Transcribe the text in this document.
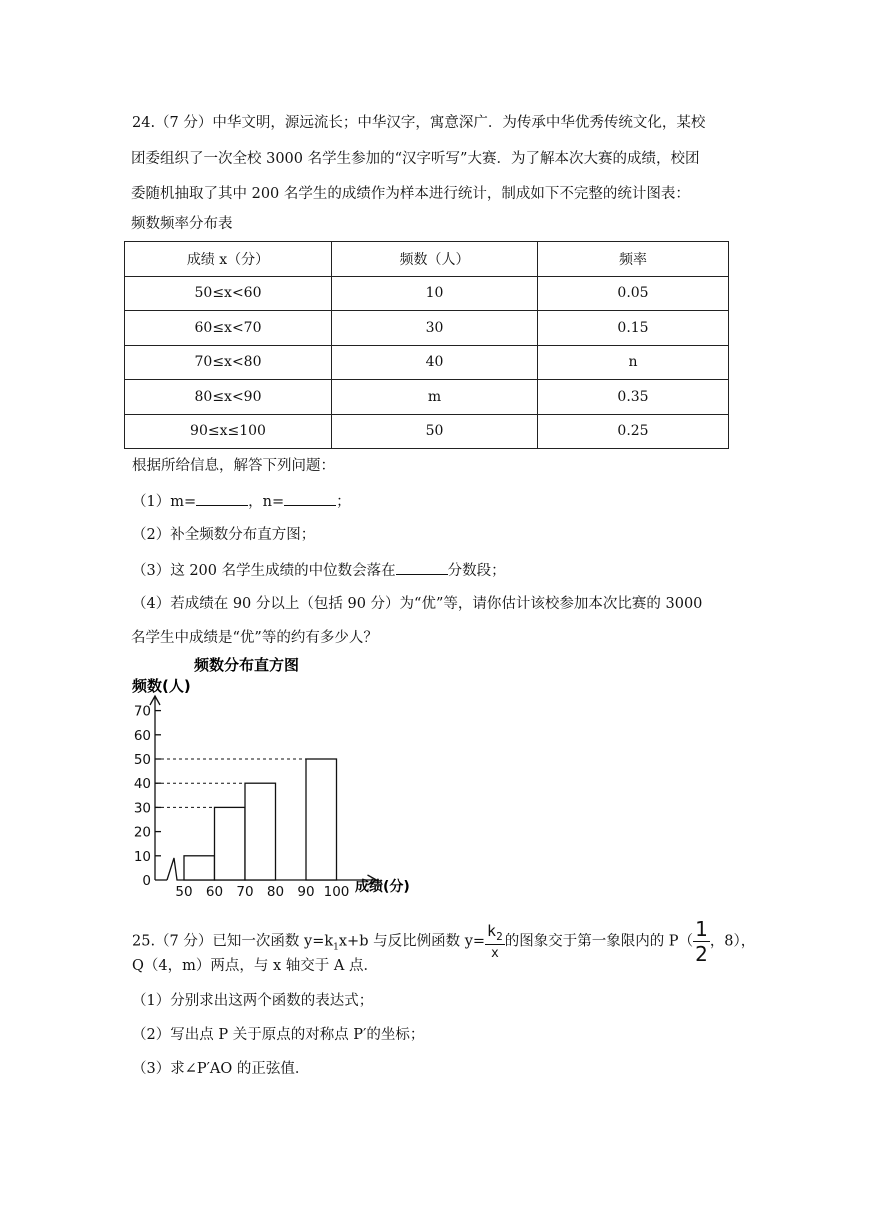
24.（7 分）中华文明，源远流长；中华汉字，寓意深广．为传承中华优秀传统文化，某校
团委组织了一次全校 3000 名学生参加的“汉字听写”大赛．为了解本次大赛的成绩，校团
委随机抽取了其中 200 名学生的成绩作为样本进行统计，制成如下不完整的统计图表：
频数频率分布表
成绩 x（分）	频数（人）	频率
50≤x<60	10	0.05
60≤x<70	30	0.15
70≤x<80	40	n
80≤x<90	m	0.35
90≤x≤100	50	0.25
根据所给信息，解答下列问题：
（1）m=	，n=	；
（2）补全频数分布直方图；
（3）这 200 名学生成绩的中位数会落在	分数段；
（4）若成绩在 90 分以上（包括 90 分）为“优”等，请你估计该校参加本次比赛的 3000
名学生中成绩是“优”等的约有多少人？
频数分布直方图
频数(人)
成绩(分)
0
10
20
30
40
50
60
70
50 60 70 80 90 100
25.（7 分）已知一次函数 $y=k_1x+b$ 与反比例函数 $y= \frac{k_2}{x}$ 的图象交于第一象限内的 $P( \frac{1}{2}$ ，8），
Q（4，m）两点，与 x 轴交于 A 点．
（1）分别求出这两个函数的表达式；
（2）写出点 P 关于原点的对称点 P′的坐标；
（3）求∠P′AO 的正弦值．
